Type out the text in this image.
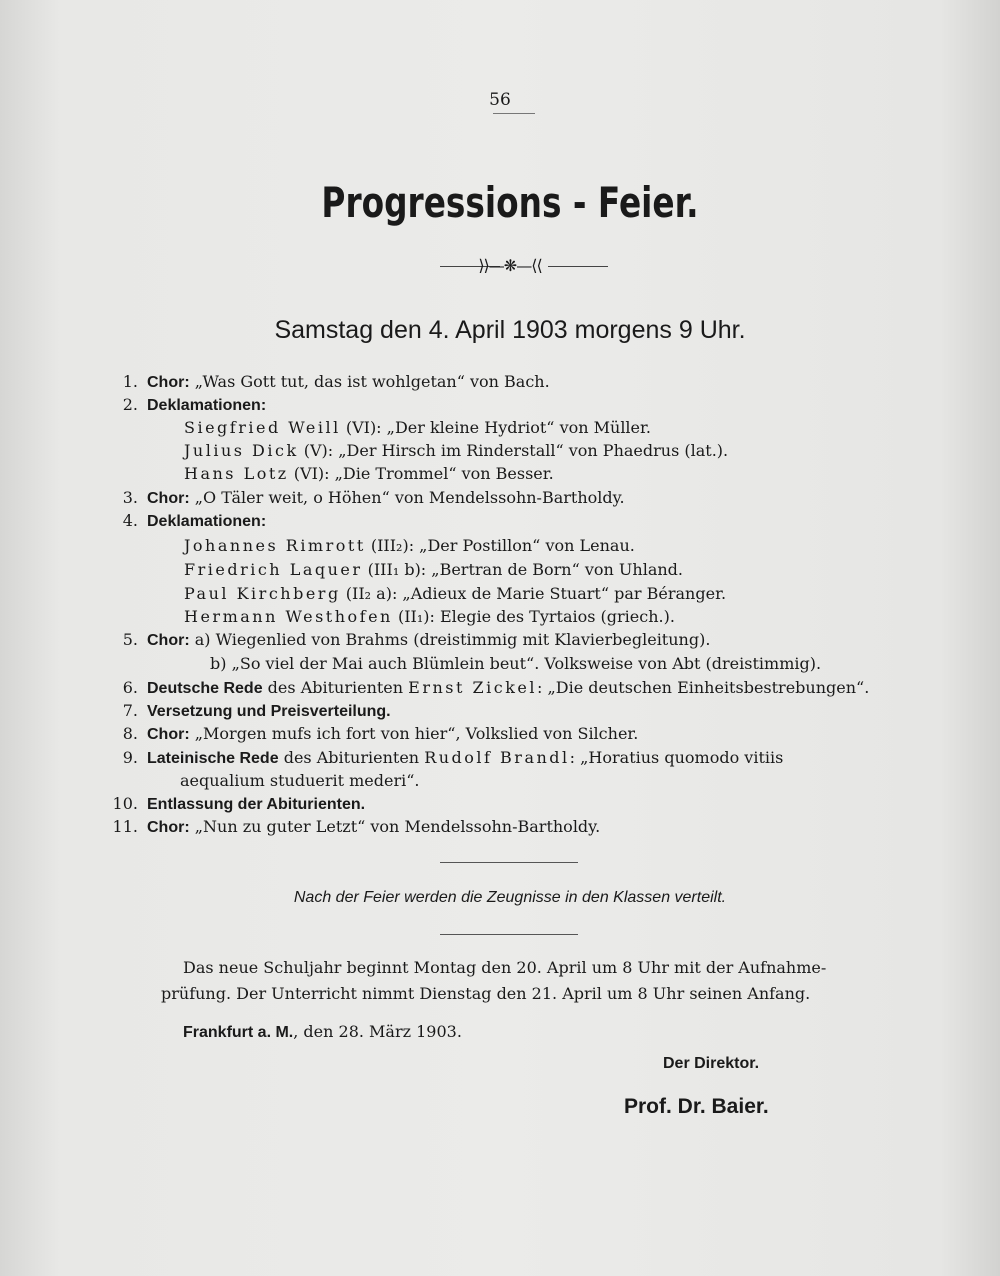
56
Progressions - Feier.
⟩⟩—❋—⟨⟨
Samstag den 4. April 1903 morgens 9 Uhr.
1. Chor: „Was Gott tut, das ist wohlgetan“ von Bach.
2. Deklamationen:
Siegfried Weill (VI): „Der kleine Hydriot“ von Müller.
Julius Dick (V): „Der Hirsch im Rinderstall“ von Phaedrus (lat.).
Hans Lotz (VI): „Die Trommel“ von Besser.
3. Chor: „O Täler weit, o Höhen“ von Mendelssohn-Bartholdy.
4. Deklamationen:
Johannes Rimrott (III₂): „Der Postillon“ von Lenau.
Friedrich Laquer (III₁ b): „Bertran de Born“ von Uhland.
Paul Kirchberg (II₂ a): „Adieux de Marie Stuart“ par Béranger.
Hermann Westhofen (II₁): Elegie des Tyrtaios (griech.).
5. Chor: a) Wiegenlied von Brahms (dreistimmig mit Klavierbegleitung).
b) „So viel der Mai auch Blümlein beut“. Volksweise von Abt (dreistimmig).
6. Deutsche Rede des Abiturienten Ernst Zickel: „Die deutschen Einheitsbestrebungen“.
7. Versetzung und Preisverteilung.
8. Chor: „Morgen mufs ich fort von hier“, Volkslied von Silcher.
9. Lateinische Rede des Abiturienten Rudolf Brandl: „Horatius quomodo vitiis
aequalium studuerit mederi“.
10. Entlassung der Abiturienten.
11. Chor: „Nun zu guter Letzt“ von Mendelssohn-Bartholdy.
Nach der Feier werden die Zeugnisse in den Klassen verteilt.
Das neue Schuljahr beginnt Montag den 20. April um 8 Uhr mit der Aufnahme-
prüfung. Der Unterricht nimmt Dienstag den 21. April um 8 Uhr seinen Anfang.
Frankfurt a. M., den 28. März 1903.
Der Direktor.
Prof. Dr. Baier.
